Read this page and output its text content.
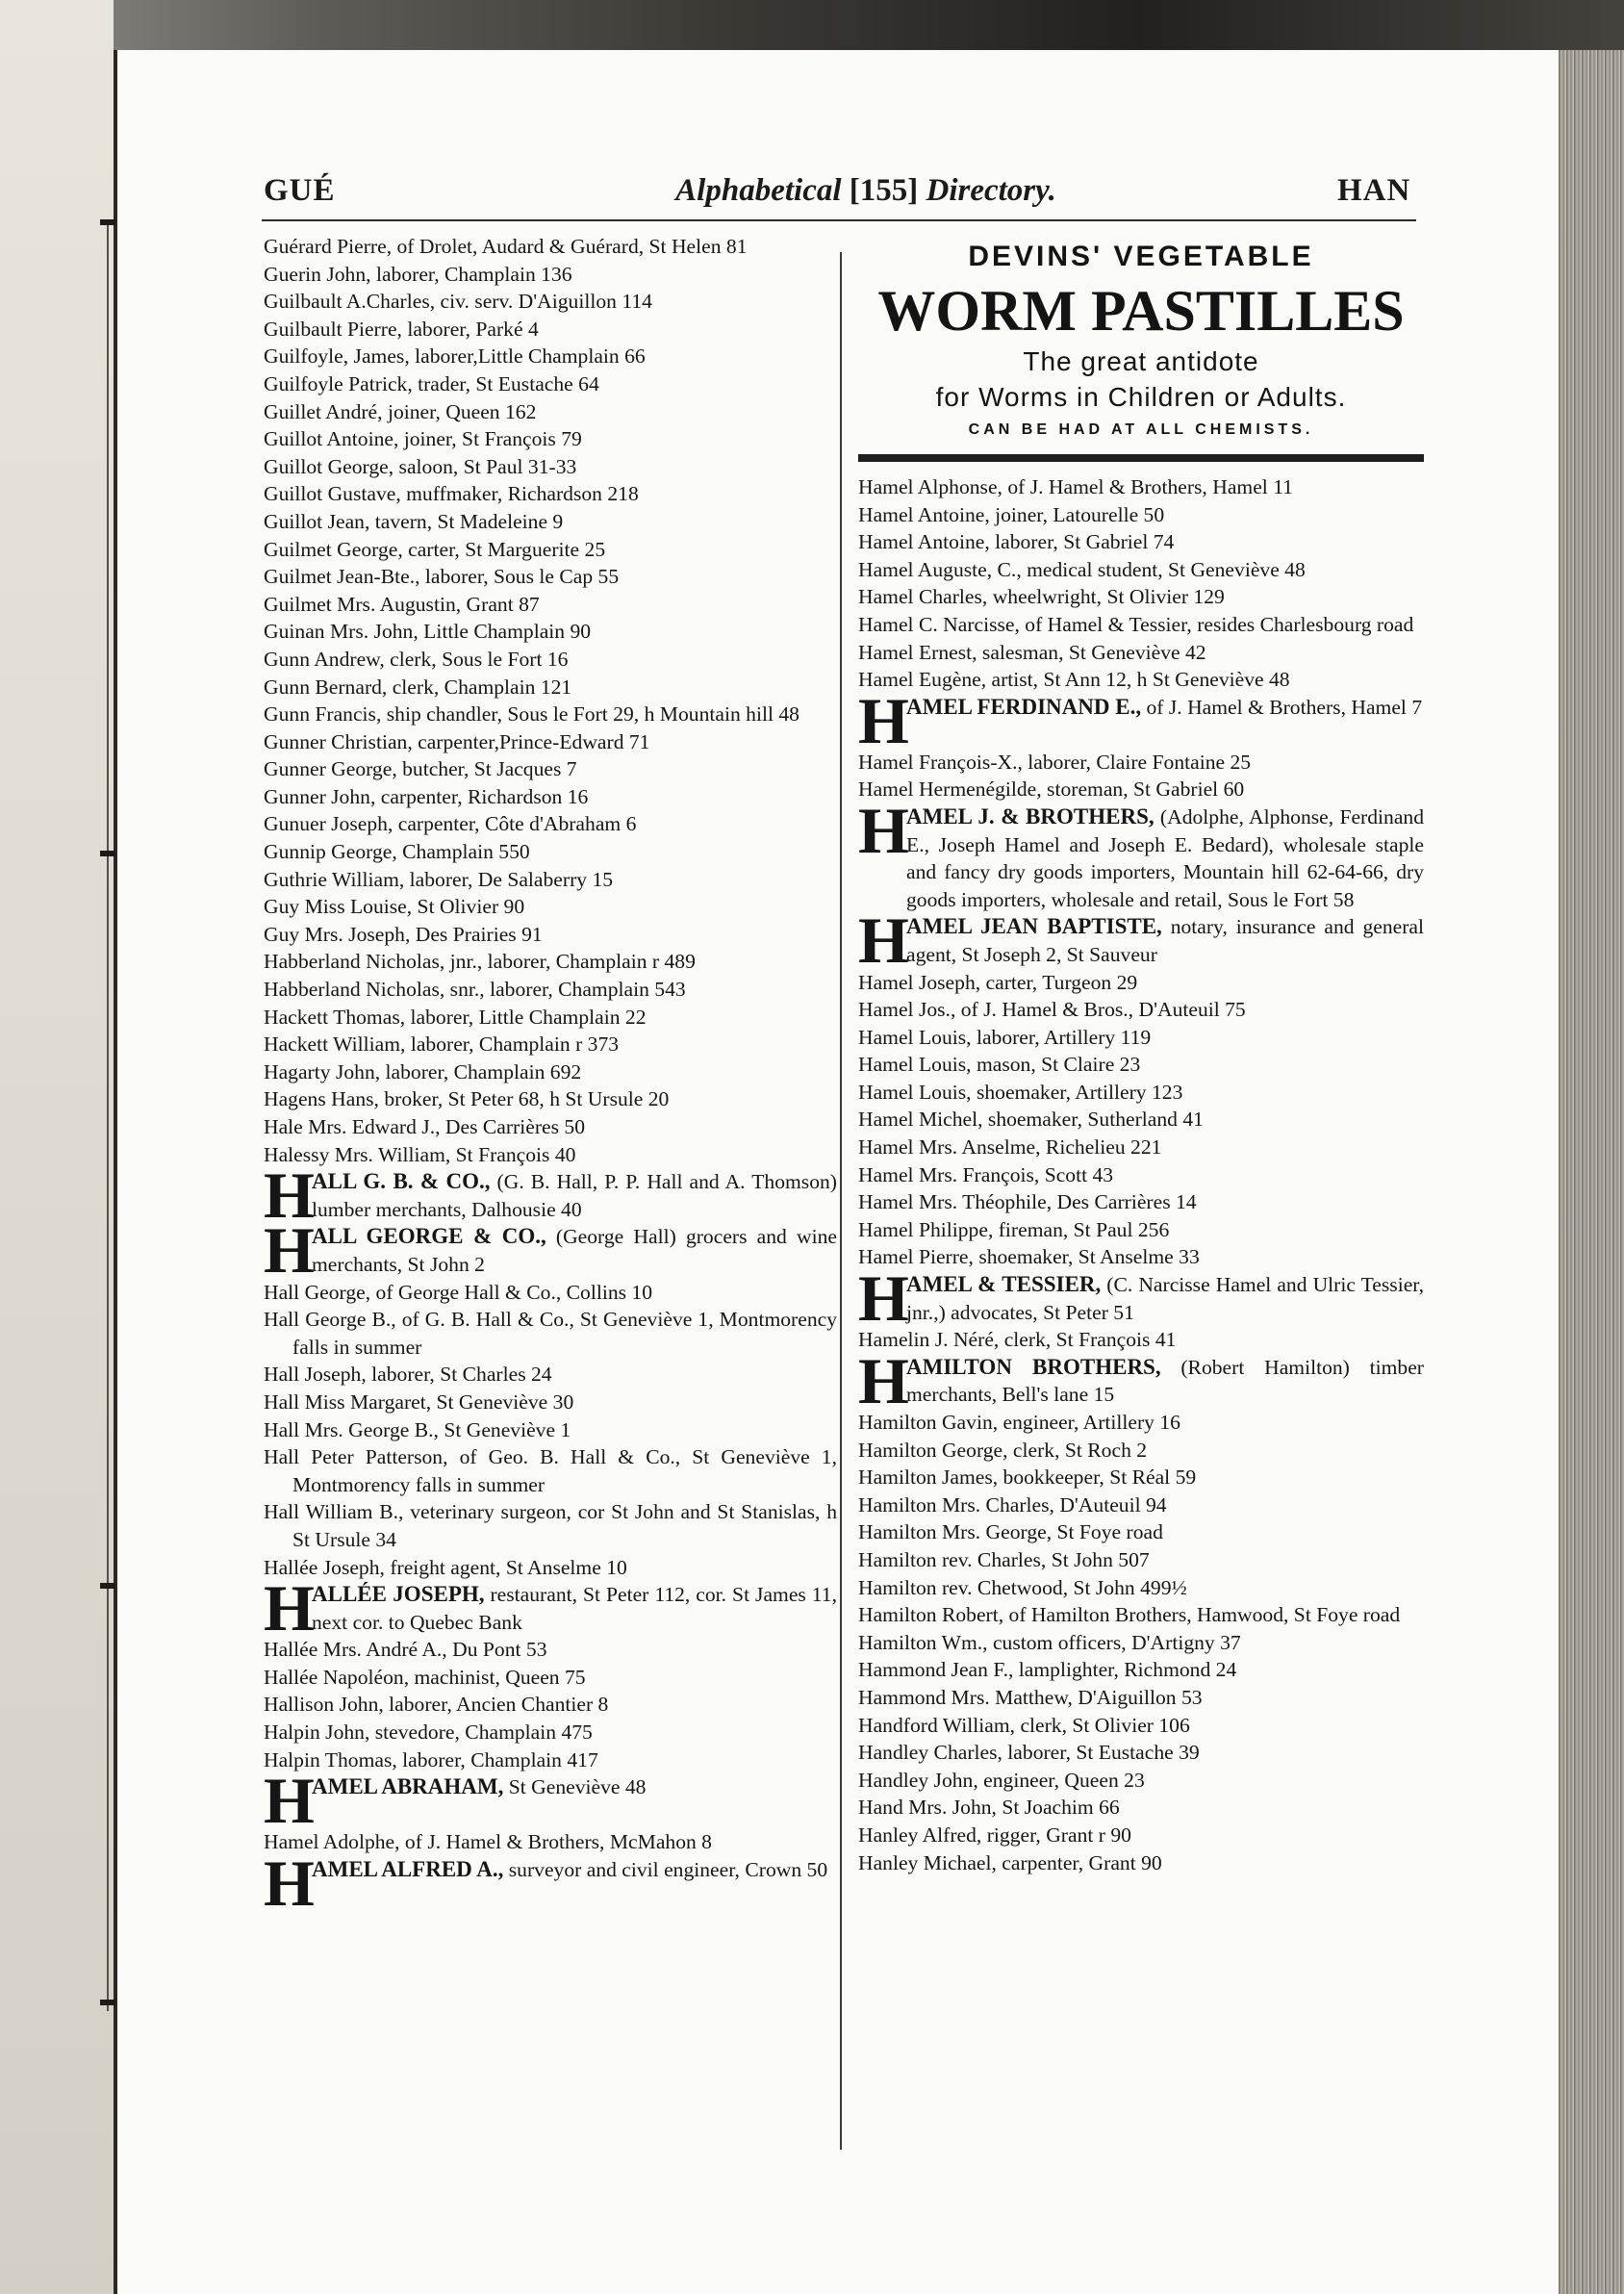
GUÉ	Alphabetical [155] Directory.	HAN
Guérard Pierre, of Drolet, Audard & Guérard, St Helen 81
Guerin John, laborer, Champlain 136
Guilbault A.Charles, civ. serv. D'Aiguillon 114
Guilbault Pierre, laborer, Parké 4
Guilfoyle, James, laborer,Little Champlain 66
Guilfoyle Patrick, trader, St Eustache 64
Guillet André, joiner, Queen 162
Guillot Antoine, joiner, St François 79
Guillot George, saloon, St Paul 31-33
Guillot Gustave, muffmaker, Richardson 218
Guillot Jean, tavern, St Madeleine 9
Guilmet George, carter, St Marguerite 25
Guilmet Jean-Bte., laborer, Sous le Cap 55
Guilmet Mrs. Augustin, Grant 87
Guinan Mrs. John, Little Champlain 90
Gunn Andrew, clerk, Sous le Fort 16
Gunn Bernard, clerk, Champlain 121
Gunn Francis, ship chandler, Sous le Fort 29, h Mountain hill 48
Gunner Christian, carpenter,Prince-Edward 71
Gunner George, butcher, St Jacques 7
Gunner John, carpenter, Richardson 16
Gunuer Joseph, carpenter, Côte d'Abraham 6
Gunnip George, Champlain 550
Guthrie William, laborer, De Salaberry 15
Guy Miss Louise, St Olivier 90
Guy Mrs. Joseph, Des Prairies 91
Habberland Nicholas, jnr., laborer, Champlain r 489
Habberland Nicholas, snr., laborer, Champlain 543
Hackett Thomas, laborer, Little Champlain 22
Hackett William, laborer, Champlain r 373
Hagarty John, laborer, Champlain 692
Hagens Hans, broker, St Peter 68, h St Ursule 20
Hale Mrs. Edward J., Des Carrières 50
Halessy Mrs. William, St François 40
H
ALL G. B. & CO., (G. B. Hall, P. P. Hall and A. Thomson) lumber merchants, Dalhousie 40
H
ALL GEORGE & CO., (George Hall) grocers and wine merchants, St John 2
Hall George, of George Hall & Co., Collins 10
Hall George B., of G. B. Hall & Co., St Geneviève 1, Montmorency falls in summer
Hall Joseph, laborer, St Charles 24
Hall Miss Margaret, St Geneviève 30
Hall Mrs. George B., St Geneviève 1
Hall Peter Patterson, of Geo. B. Hall & Co., St Geneviève 1, Montmorency falls in summer
Hall William B., veterinary surgeon, cor St John and St Stanislas, h St Ursule 34
Hallée Joseph, freight agent, St Anselme 10
H
ALLÉE JOSEPH, restaurant, St Peter 112, cor. St James 11, next cor. to Quebec Bank
Hallée Mrs. André A., Du Pont 53
Hallée Napoléon, machinist, Queen 75
Hallison John, laborer, Ancien Chantier 8
Halpin John, stevedore, Champlain 475
Halpin Thomas, laborer, Champlain 417
H
AMEL ABRAHAM, St Geneviève 48
Hamel Adolphe, of J. Hamel & Brothers, McMahon 8
H
AMEL ALFRED A., surveyor and civil engineer, Crown 50
DEVINS' VEGETABLE
WORM PASTILLES
The great antidote
for Worms in Children or Adults.
CAN BE HAD AT ALL CHEMISTS.
Hamel Alphonse, of J. Hamel & Brothers, Hamel 11
Hamel Antoine, joiner, Latourelle 50
Hamel Antoine, laborer, St Gabriel 74
Hamel Auguste, C., medical student, St Geneviève 48
Hamel Charles, wheelwright, St Olivier 129
Hamel C. Narcisse, of Hamel & Tessier, resides Charlesbourg road
Hamel Ernest, salesman, St Geneviève 42
Hamel Eugène, artist, St Ann 12, h St Geneviève 48
H
AMEL FERDINAND E., of J. Hamel & Brothers, Hamel 7
Hamel François-X., laborer, Claire Fontaine 25
Hamel Hermenégilde, storeman, St Gabriel 60
H
AMEL J. & BROTHERS, (Adolphe, Alphonse, Ferdinand E., Joseph Hamel and Joseph E. Bedard), wholesale staple and fancy dry goods importers, Mountain hill 62-64-66, dry goods importers, wholesale and retail, Sous le Fort 58
H
AMEL JEAN BAPTISTE, notary, insurance and general agent, St Joseph 2, St Sauveur
Hamel Joseph, carter, Turgeon 29
Hamel Jos., of J. Hamel & Bros., D'Auteuil 75
Hamel Louis, laborer, Artillery 119
Hamel Louis, mason, St Claire 23
Hamel Louis, shoemaker, Artillery 123
Hamel Michel, shoemaker, Sutherland 41
Hamel Mrs. Anselme, Richelieu 221
Hamel Mrs. François, Scott 43
Hamel Mrs. Théophile, Des Carrières 14
Hamel Philippe, fireman, St Paul 256
Hamel Pierre, shoemaker, St Anselme 33
H
AMEL & TESSIER, (C. Narcisse Hamel and Ulric Tessier, jnr.,) advocates, St Peter 51
Hamelin J. Néré, clerk, St François 41
H
AMILTON BROTHERS, (Robert Hamilton) timber merchants, Bell's lane 15
Hamilton Gavin, engineer, Artillery 16
Hamilton George, clerk, St Roch 2
Hamilton James, bookkeeper, St Réal 59
Hamilton Mrs. Charles, D'Auteuil 94
Hamilton Mrs. George, St Foye road
Hamilton rev. Charles, St John 507
Hamilton rev. Chetwood, St John 499½
Hamilton Robert, of Hamilton Brothers, Hamwood, St Foye road
Hamilton Wm., custom officers, D'Artigny 37
Hammond Jean F., lamplighter, Richmond 24
Hammond Mrs. Matthew, D'Aiguillon 53
Handford William, clerk, St Olivier 106
Handley Charles, laborer, St Eustache 39
Handley John, engineer, Queen 23
Hand Mrs. John, St Joachim 66
Hanley Alfred, rigger, Grant r 90
Hanley Michael, carpenter, Grant 90
